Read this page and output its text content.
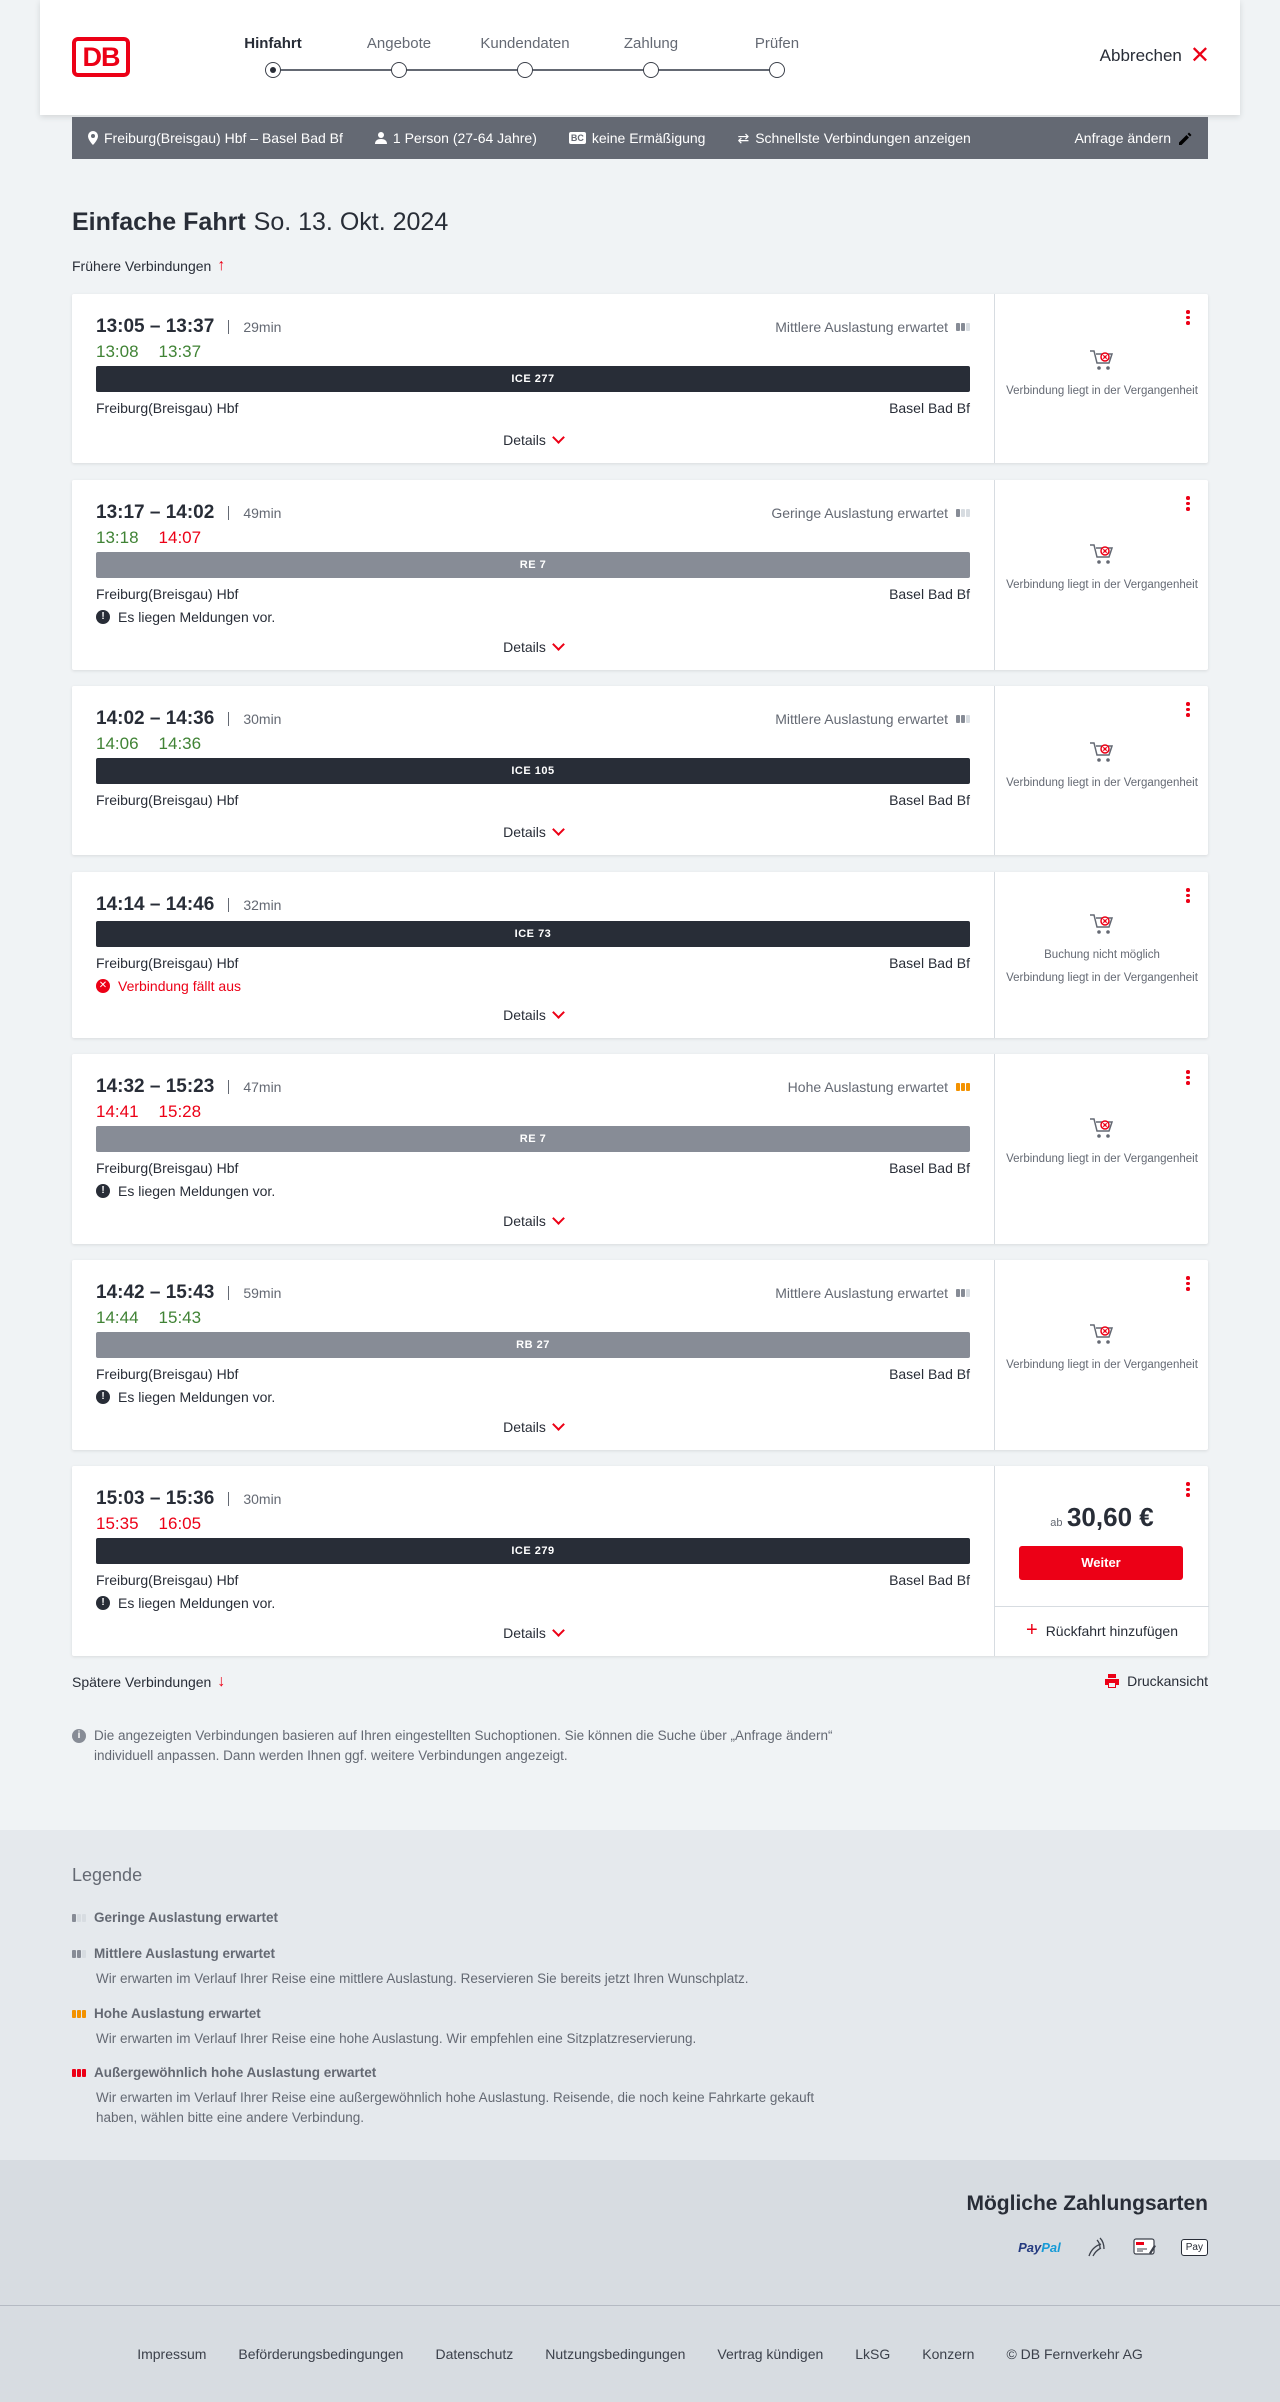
DB	Hinfahrt	Angebote	Kundendaten	Zahlung	Prüfen
Abbrechen ✕
Freiburg(Breisgau) Hbf – Basel Bad Bf	1 Person (27-64 Jahre)	BC keine Ermäßigung ⇄ Schnellste Verbindungen anzeigen	Anfrage ändern
Einfache Fahrt So. 13. Okt. 2024
Frühere Verbindungen ↑
13:05 – 13:37	29min
13:08 13:37
Mittlere Auslastung erwartet
ICE 277
Freiburg(Breisgau) Hbf	Basel Bad Bf
Details
Verbindung liegt in der Vergangenheit
13:17 – 14:02	49min
13:18 14:07
Geringe Auslastung erwartet
RE 7
Freiburg(Breisgau) Hbf	Basel Bad Bf
! Es liegen Meldungen vor.
Details
Verbindung liegt in der Vergangenheit
14:02 – 14:36	30min
14:06 14:36
Mittlere Auslastung erwartet
ICE 105
Freiburg(Breisgau) Hbf	Basel Bad Bf
Details
Verbindung liegt in der Vergangenheit
14:14 – 14:46	32min
ICE 73
Freiburg(Breisgau) Hbf	Basel Bad Bf
✕ Verbindung fällt aus
Details
Buchung nicht möglich
Verbindung liegt in der Vergangenheit
14:32 – 15:23	47min
14:41 15:28
Hohe Auslastung erwartet
RE 7
Freiburg(Breisgau) Hbf	Basel Bad Bf
! Es liegen Meldungen vor.
Details
Verbindung liegt in der Vergangenheit
14:42 – 15:43	59min
14:44 15:43
Mittlere Auslastung erwartet
RB 27
Freiburg(Breisgau) Hbf	Basel Bad Bf
! Es liegen Meldungen vor.
Details
Verbindung liegt in der Vergangenheit
15:03 – 15:36	30min
15:35 16:05
ICE 279
Freiburg(Breisgau) Hbf	Basel Bad Bf
! Es liegen Meldungen vor.
Details
ab 30,60 €
Weiter
+ Rückfahrt hinzufügen
Spätere Verbindungen ↓	Druckansicht
i	Die angezeigten Verbindungen basieren auf Ihren eingestellten Suchoptionen. Sie können die Suche über „Anfrage ändern“ individuell anpassen. Dann werden Ihnen ggf. weitere Verbindungen angezeigt.
Legende
Geringe Auslastung erwartet
Mittlere Auslastung erwartet
Wir erwarten im Verlauf Ihrer Reise eine mittlere Auslastung. Reservieren Sie bereits jetzt Ihren Wunschplatz.
Hohe Auslastung erwartet
Wir erwarten im Verlauf Ihrer Reise eine hohe Auslastung. Wir empfehlen eine Sitzplatzreservierung.
Außergewöhnlich hohe Auslastung erwartet
Wir erwarten im Verlauf Ihrer Reise eine außergewöhnlich hohe Auslastung. Reisende, die noch keine Fahrkarte gekauft haben, wählen bitte eine andere Verbindung.
Mögliche Zahlungsarten
PayPal	Pay
Impressum Beförderungsbedingungen Datenschutz Nutzungsbedingungen Vertrag kündigen LkSG Konzern © DB Fernverkehr AG
